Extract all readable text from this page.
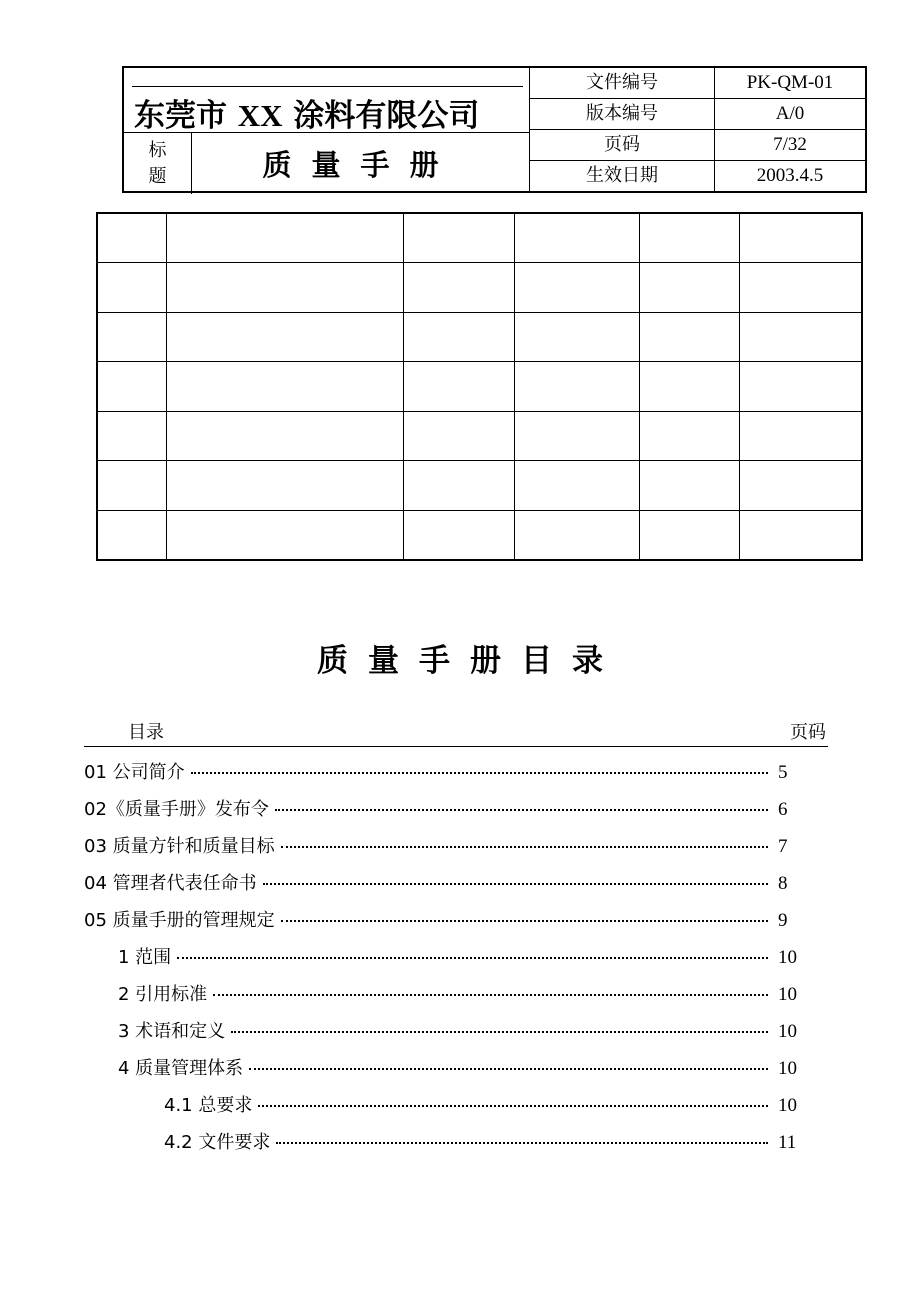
东莞市 XX 涂料有限公司
标
题	质量手册
文件编号	PK-QM-01
版本编号	A/0
页码	7/32
生效日期	2003.4.5

质量手册目录
目录	页码
01 公司简介	5
02《质量手册》发布令	6
03 质量方针和质量目标	7
04 管理者代表任命书	8
05 质量手册的管理规定	9
1 范围	10
2 引用标准	10
3 术语和定义	10
4 质量管理体系	10
4.1 总要求	10
4.2 文件要求	11
